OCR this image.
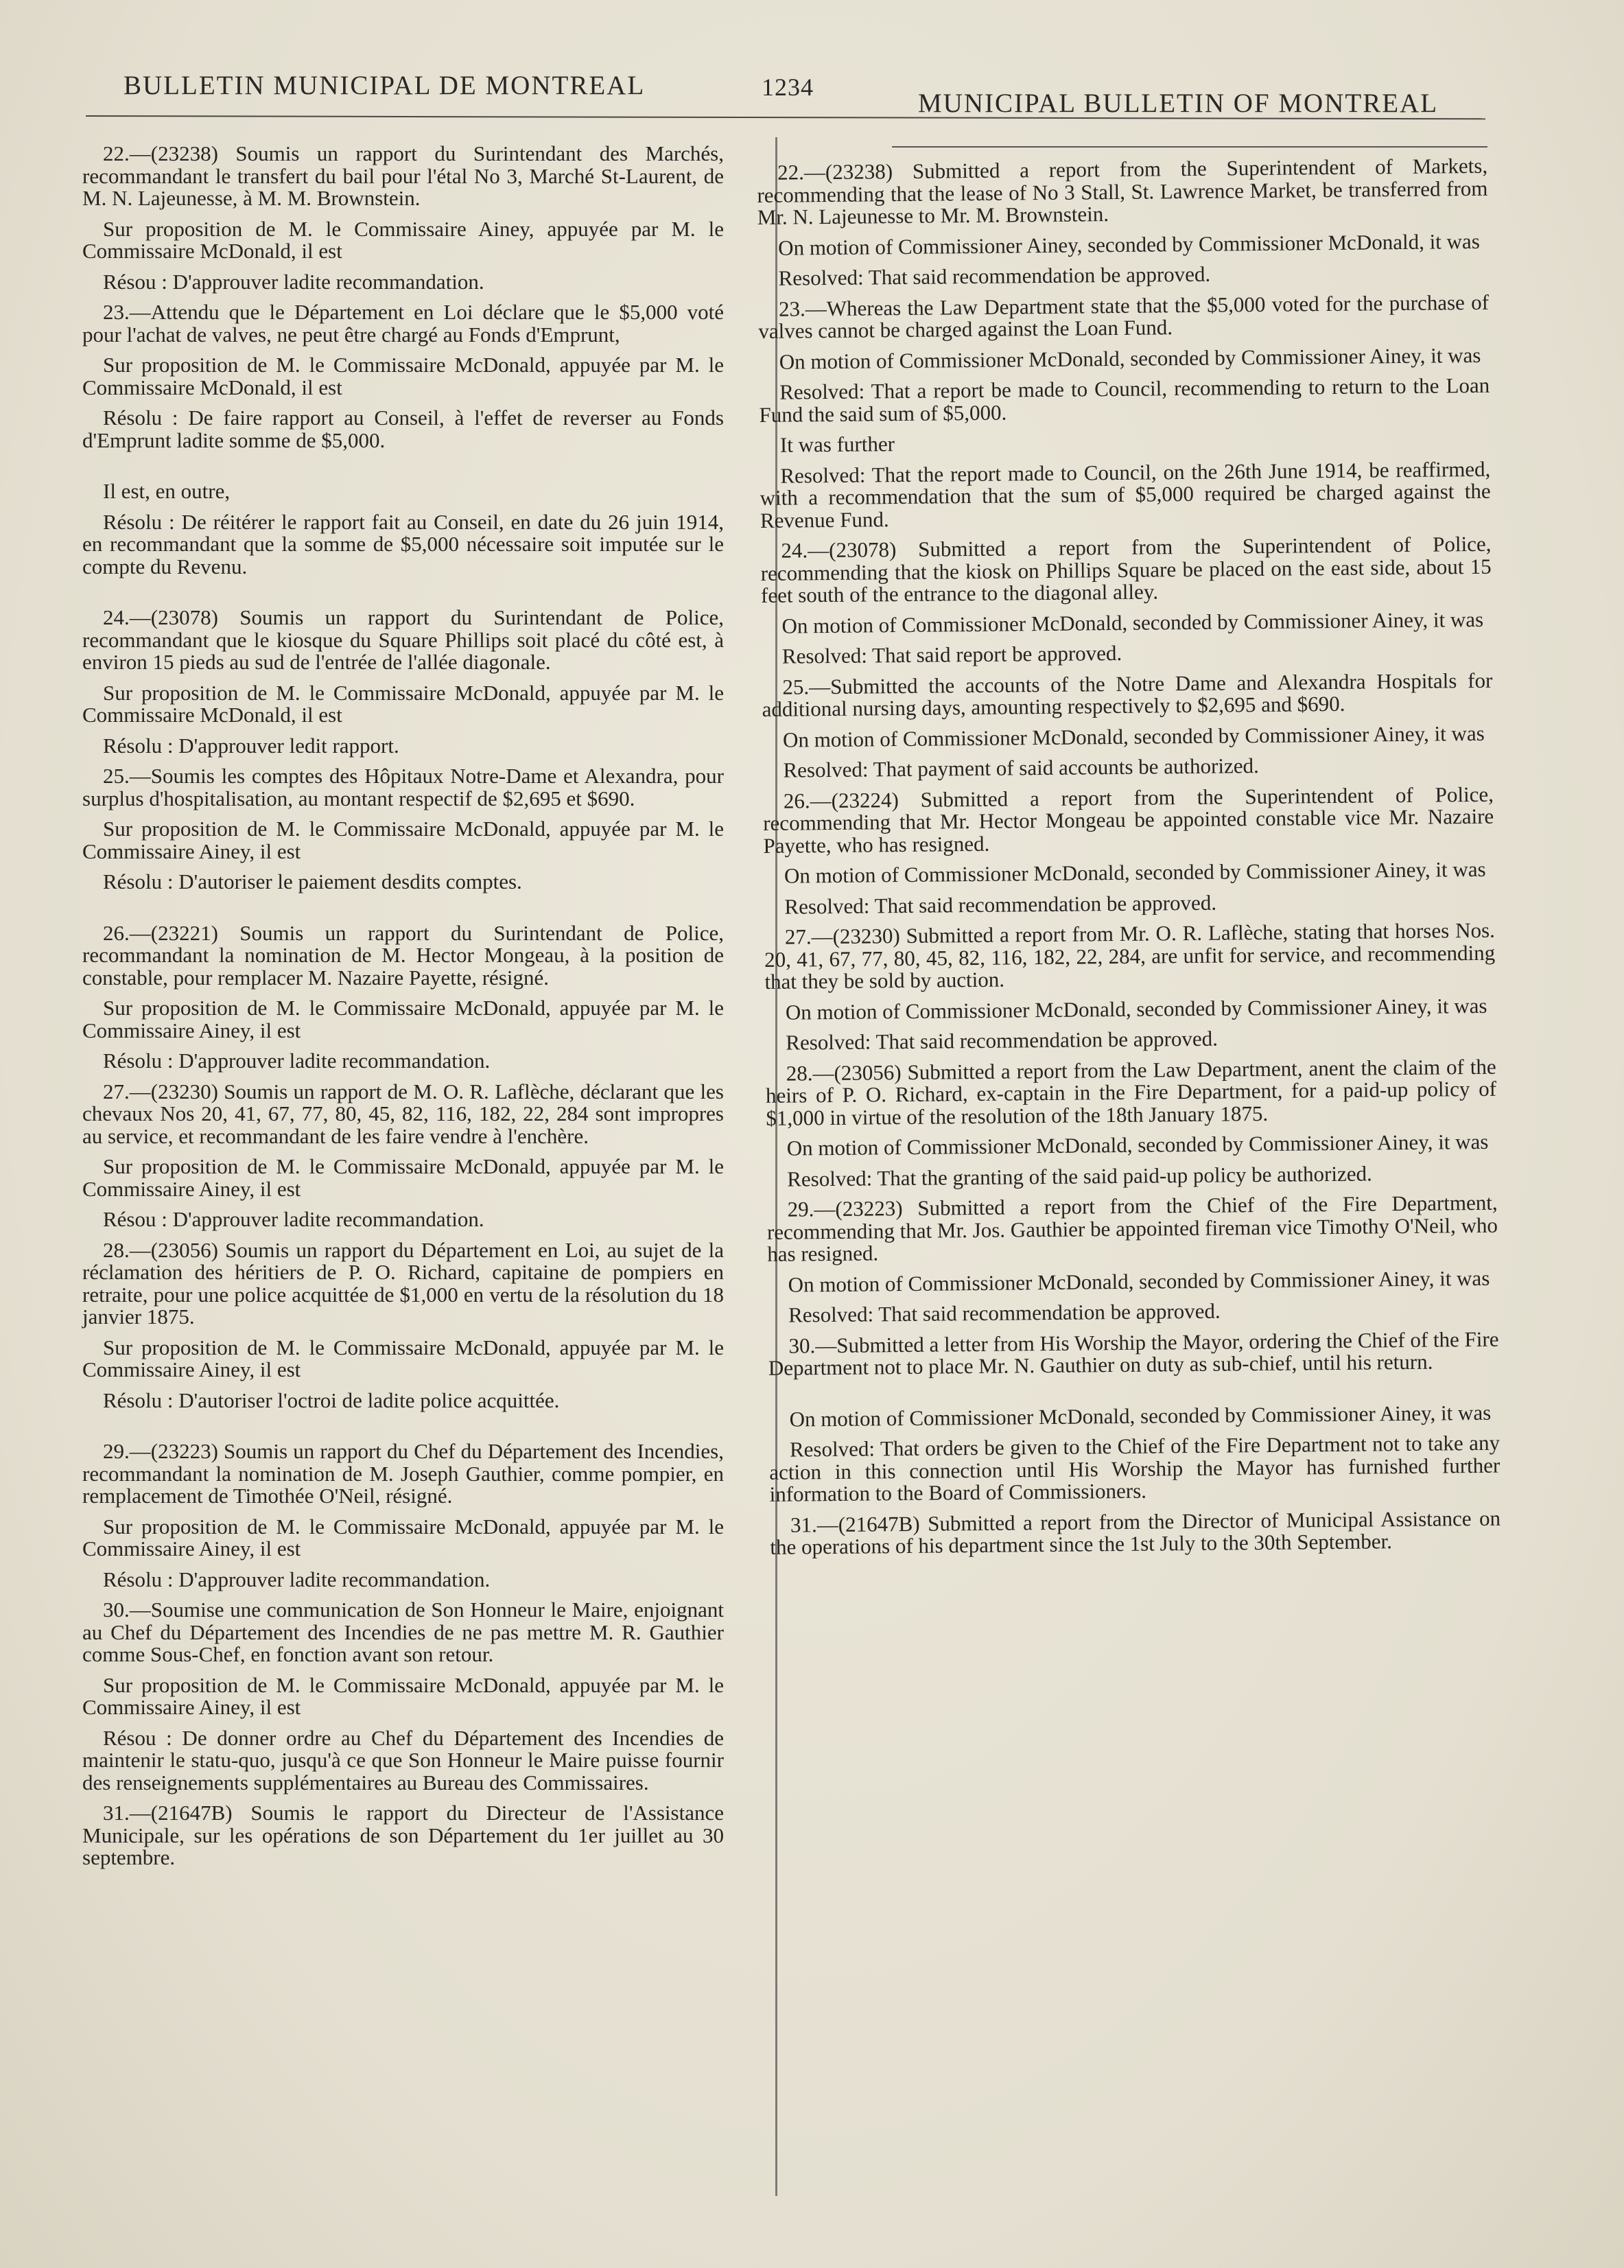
BULLETIN MUNICIPAL DE MONTREAL	1234
MUNICIPAL BULLETIN OF MONTREAL

22.—(23238) Soumis un rapport du Surintendant des Marchés, recommandant le transfert du bail pour l'étal No 3, Marché St-Laurent, de M. N. Lajeunesse, à M. M. Brownstein.

Sur proposition de M. le Commissaire Ainey, appuyée par M. le Commissaire McDonald, il est

Résou : D'approuver ladite recommandation.

23.—Attendu que le Département en Loi déclare que le $5,000 voté pour l'achat de valves, ne peut être chargé au Fonds d'Emprunt,

Sur proposition de M. le Commissaire McDonald, appuyée par M. le Commissaire McDonald, il est

Résolu : De faire rapport au Conseil, à l'effet de reverser au Fonds d'Emprunt ladite somme de $5,000.

Il est, en outre,

Résolu : De réitérer le rapport fait au Conseil, en date du 26 juin 1914, en recommandant que la somme de $5,000 nécessaire soit imputée sur le compte du Revenu.

24.—(23078) Soumis un rapport du Surintendant de Police, recommandant que le kiosque du Square Phillips soit placé du côté est, à environ 15 pieds au sud de l'entrée de l'allée diagonale.

Sur proposition de M. le Commissaire McDonald, appuyée par M. le Commissaire McDonald, il est

Résolu : D'approuver ledit rapport.

25.—Soumis les comptes des Hôpitaux Notre-Dame et Alexandra, pour surplus d'hospitalisation, au montant respectif de $2,695 et $690.

Sur proposition de M. le Commissaire McDonald, appuyée par M. le Commissaire Ainey, il est

Résolu : D'autoriser le paiement desdits comptes.

26.—(23221) Soumis un rapport du Surintendant de Police, recommandant la nomination de M. Hector Mongeau, à la position de constable, pour remplacer M. Nazaire Payette, résigné.

Sur proposition de M. le Commissaire McDonald, appuyée par M. le Commissaire Ainey, il est

Résolu : D'approuver ladite recommandation.

27.—(23230) Soumis un rapport de M. O. R. Laflèche, déclarant que les chevaux Nos 20, 41, 67, 77, 80, 45, 82, 116, 182, 22, 284 sont impropres au service, et recommandant de les faire vendre à l'enchère.

Sur proposition de M. le Commissaire McDonald, appuyée par M. le Commissaire Ainey, il est

Résou : D'approuver ladite recommandation.

28.—(23056) Soumis un rapport du Département en Loi, au sujet de la réclamation des héritiers de P. O. Richard, capitaine de pompiers en retraite, pour une police acquittée de $1,000 en vertu de la résolution du 18 janvier 1875.

Sur proposition de M. le Commissaire McDonald, appuyée par M. le Commissaire Ainey, il est

Résolu : D'autoriser l'octroi de ladite police acquittée.

29.—(23223) Soumis un rapport du Chef du Département des Incendies, recommandant la nomination de M. Joseph Gauthier, comme pompier, en remplacement de Timothée O'Neil, résigné.

Sur proposition de M. le Commissaire McDonald, appuyée par M. le Commissaire Ainey, il est

Résolu : D'approuver ladite recommandation.

30.—Soumise une communication de Son Honneur le Maire, enjoignant au Chef du Département des Incendies de ne pas mettre M. R. Gauthier comme Sous-Chef, en fonction avant son retour.

Sur proposition de M. le Commissaire McDonald, appuyée par M. le Commissaire Ainey, il est

Résou : De donner ordre au Chef du Département des Incendies de maintenir le statu-quo, jusqu'à ce que Son Honneur le Maire puisse fournir des renseignements supplémentaires au Bureau des Commissaires.

31.—(21647B) Soumis le rapport du Directeur de l'Assistance Municipale, sur les opérations de son Département du 1er juillet au 30 septembre.

22.—(23238) Submitted a report from the Superintendent of Markets, recommending that the lease of No 3 Stall, St. Lawrence Market, be transferred from Mr. N. Lajeunesse to Mr. M. Brownstein.

On motion of Commissioner Ainey, seconded by Commissioner McDonald, it was

Resolved: That said recommendation be approved.

23.—Whereas the Law Department state that the $5,000 voted for the purchase of valves cannot be charged against the Loan Fund.

On motion of Commissioner McDonald, seconded by Commissioner Ainey, it was

Resolved: That a report be made to Council, recommending to return to the Loan Fund the said sum of $5,000.

It was further

Resolved: That the report made to Council, on the 26th June 1914, be reaffirmed, with a recommendation that the sum of $5,000 required be charged against the Revenue Fund.

24.—(23078) Submitted a report from the Superintendent of Police, recommending that the kiosk on Phillips Square be placed on the east side, about 15 feet south of the entrance to the diagonal alley.

On motion of Commissioner McDonald, seconded by Commissioner Ainey, it was

Resolved: That said report be approved.

25.—Submitted the accounts of the Notre Dame and Alexandra Hospitals for additional nursing days, amounting respectively to $2,695 and $690.

On motion of Commissioner McDonald, seconded by Commissioner Ainey, it was

Resolved: That payment of said accounts be authorized.

26.—(23224) Submitted a report from the Superintendent of Police, recommending that Mr. Hector Mongeau be appointed constable vice Mr. Nazaire Payette, who has resigned.

On motion of Commissioner McDonald, seconded by Commissioner Ainey, it was

Resolved: That said recommendation be approved.

27.—(23230) Submitted a report from Mr. O. R. Laflèche, stating that horses Nos. 20, 41, 67, 77, 80, 45, 82, 116, 182, 22, 284, are unfit for service, and recommending that they be sold by auction.

On motion of Commissioner McDonald, seconded by Commissioner Ainey, it was

Resolved: That said recommendation be approved.

28.—(23056) Submitted a report from the Law Department, anent the claim of the heirs of P. O. Richard, ex-captain in the Fire Department, for a paid-up policy of $1,000 in virtue of the resolution of the 18th January 1875.

On motion of Commissioner McDonald, seconded by Commissioner Ainey, it was

Resolved: That the granting of the said paid-up policy be authorized.

29.—(23223) Submitted a report from the Chief of the Fire Department, recommending that Mr. Jos. Gauthier be appointed fireman vice Timothy O'Neil, who has resigned.

On motion of Commissioner McDonald, seconded by Commissioner Ainey, it was

Resolved: That said recommendation be approved.

30.—Submitted a letter from His Worship the Mayor, ordering the Chief of the Fire Department not to place Mr. N. Gauthier on duty as sub-chief, until his return.

On motion of Commissioner McDonald, seconded by Commissioner Ainey, it was

Resolved: That orders be given to the Chief of the Fire Department not to take any action in this connection until His Worship the Mayor has furnished further information to the Board of Commissioners.

31.—(21647B) Submitted a report from the Director of Municipal Assistance on the operations of his department since the 1st July to the 30th September.
